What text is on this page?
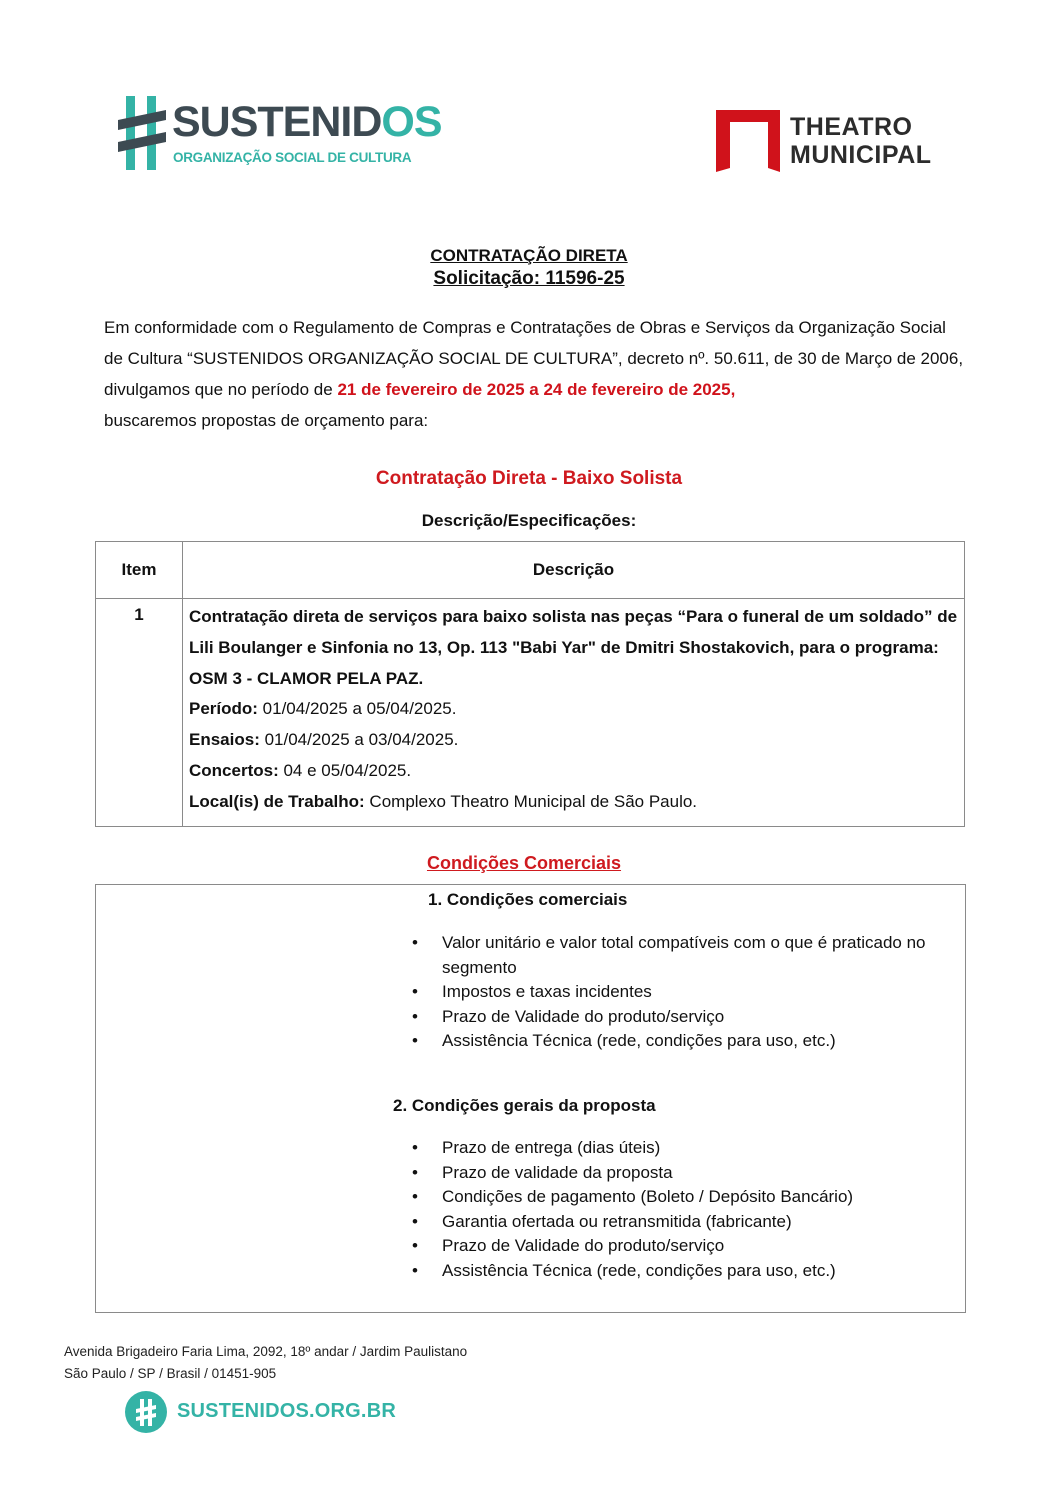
SUSTENIDOS
ORGANIZAÇÃO SOCIAL DE CULTURA
THEATRO
MUNICIPAL
CONTRATAÇÃO DIRETA
Solicitação: 11596-25
Em conformidade com o Regulamento de Compras e Contratações de Obras e Serviços da Organização Social de Cultura “SUSTENIDOS ORGANIZAÇÃO SOCIAL DE CULTURA”, decreto nº. 50.611, de 30 de Março de 2006, divulgamos que no período de 21 de fevereiro de 2025 a 24 de fevereiro de 2025,
buscaremos propostas de orçamento para:
Contratação Direta - Baixo Solista
Descrição/Especificações:
Item	Descrição
1	Contratação direta de serviços para baixo solista nas peças “Para o funeral de um soldado” de Lili Boulanger e Sinfonia no 13, Op. 113 "Babi Yar" de Dmitri Shostakovich, para o programa: OSM 3 - CLAMOR PELA PAZ.
Período: 01/04/2025 a 05/04/2025.
Ensaios: 01/04/2025 a 03/04/2025.
Concertos: 04 e 05/04/2025.
Local(is) de Trabalho: Complexo Theatro Municipal de São Paulo.
Condições Comerciais
1. Condições comerciais
• Valor unitário e valor total compatíveis com o que é praticado no segmento
• Impostos e taxas incidentes
• Prazo de Validade do produto/serviço
• Assistência Técnica (rede, condições para uso, etc.)
2. Condições gerais da proposta
• Prazo de entrega (dias úteis)
• Prazo de validade da proposta
• Condições de pagamento (Boleto / Depósito Bancário)
• Garantia ofertada ou retransmitida (fabricante)
• Prazo de Validade do produto/serviço
• Assistência Técnica (rede, condições para uso, etc.)
Avenida Brigadeiro Faria Lima, 2092, 18º andar / Jardim Paulistano
São Paulo / SP / Brasil / 01451-905
SUSTENIDOS.ORG.BR
